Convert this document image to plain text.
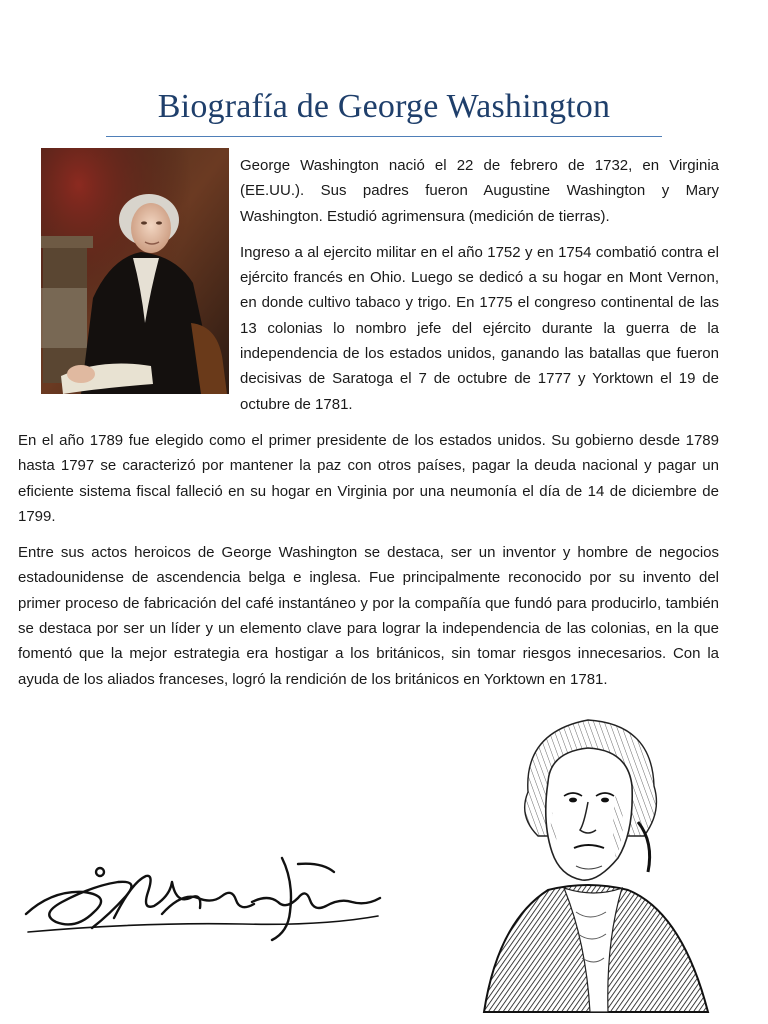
Biografía de George Washington

George Washington nació el 22 de febrero de 1732, en Virginia (EE.UU.). Sus padres fueron Augustine Washington y Mary Washington. Estudió agrimensura (medición de tierras).

Ingreso a al ejercito militar en el año 1752 y en 1754 combatió contra el ejército francés en Ohio. Luego se dedicó a su hogar en Mont Vernon, en donde cultivo tabaco y trigo. En 1775 el congreso continental de las 13 colonias lo nombro jefe del ejército durante la guerra de la independencia de los estados unidos, ganando las batallas que fueron decisivas de Saratoga el 7 de octubre de 1777 y Yorktown el 19 de octubre de 1781.

En el año 1789 fue elegido como el primer presidente de los estados unidos. Su gobierno desde 1789 hasta 1797 se caracterizó por mantener la paz con otros países, pagar la deuda nacional y pagar un eficiente sistema fiscal falleció en su hogar en Virginia por una neumonía el día de 14 de diciembre de 1799.

Entre sus actos heroicos de George Washington se destaca, ser un inventor y hombre de negocios estadounidense de ascendencia belga e inglesa. Fue principalmente reconocido por su invento del primer proceso de fabricación del café instantáneo y por la compañía que fundó para producirlo, también se destaca por ser un líder y un elemento clave para lograr la independencia de las colonias, en la que fomentó que la mejor estrategia era hostigar a los británicos, sin tomar riesgos innecesarios. Con la ayuda de los aliados franceses, logró la rendición de los británicos en Yorktown en 1781.
